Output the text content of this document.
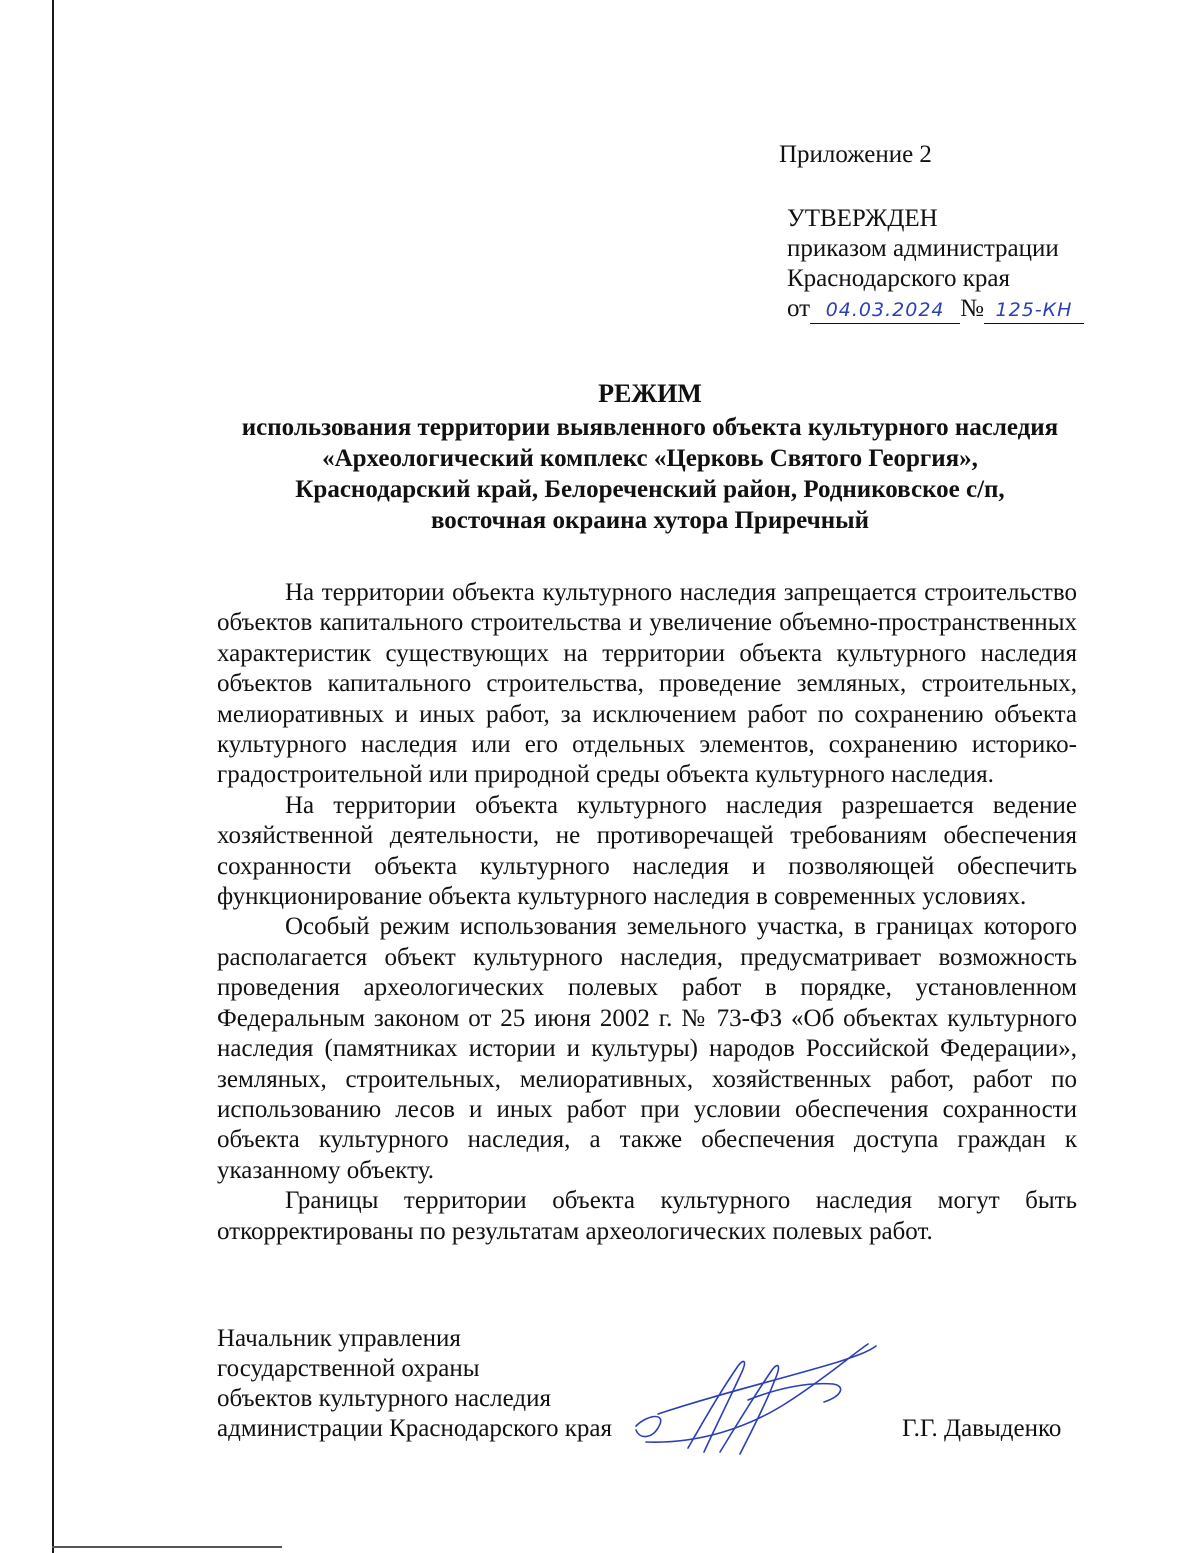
Приложение 2
УТВЕРЖДЕН
приказом администрации
Краснодарского края
от 04.03.2024 № 125-КН
РЕЖИМ
использования территории выявленного объекта культурного наследия
«Археологический комплекс «Церковь Святого Георгия»,
Краснодарский край, Белореченский район, Родниковское с/п,
восточная окраина хутора Приречный

На территории объекта культурного наследия запрещается строительство объектов капитального строительства и увеличение объемно-пространственных характеристик существующих на территории объекта культурного наследия объектов капитального строительства, проведение земляных, строительных, мелиоративных и иных работ, за исключением работ по сохранению объекта культурного наследия или его отдельных элементов, сохранению историко-градостроительной или природной среды объекта культурного наследия.

На территории объекта культурного наследия разрешается ведение хозяйственной деятельности, не противоречащей требованиям обеспечения сохранности объекта культурного наследия и позволяющей обеспечить функционирование объекта культурного наследия в современных условиях.

Особый режим использования земельного участка, в границах которого располагается объект культурного наследия, предусматривает возможность проведения археологических полевых работ в порядке, установленном Федеральным законом от 25 июня 2002 г. № 73-ФЗ «Об объектах культурного наследия (памятниках истории и культуры) народов Российской Федерации», земляных, строительных, мелиоративных, хозяйственных работ, работ по использованию лесов и иных работ при условии обеспечения сохранности объекта культурного наследия, а также обеспечения доступа граждан к указанному объекту.

Границы территории объекта культурного наследия могут быть откорректированы по результатам археологических полевых работ.

Начальник управления
государственной охраны
объектов культурного наследия
администрации Краснодарского края	Г.Г. Давыденко
